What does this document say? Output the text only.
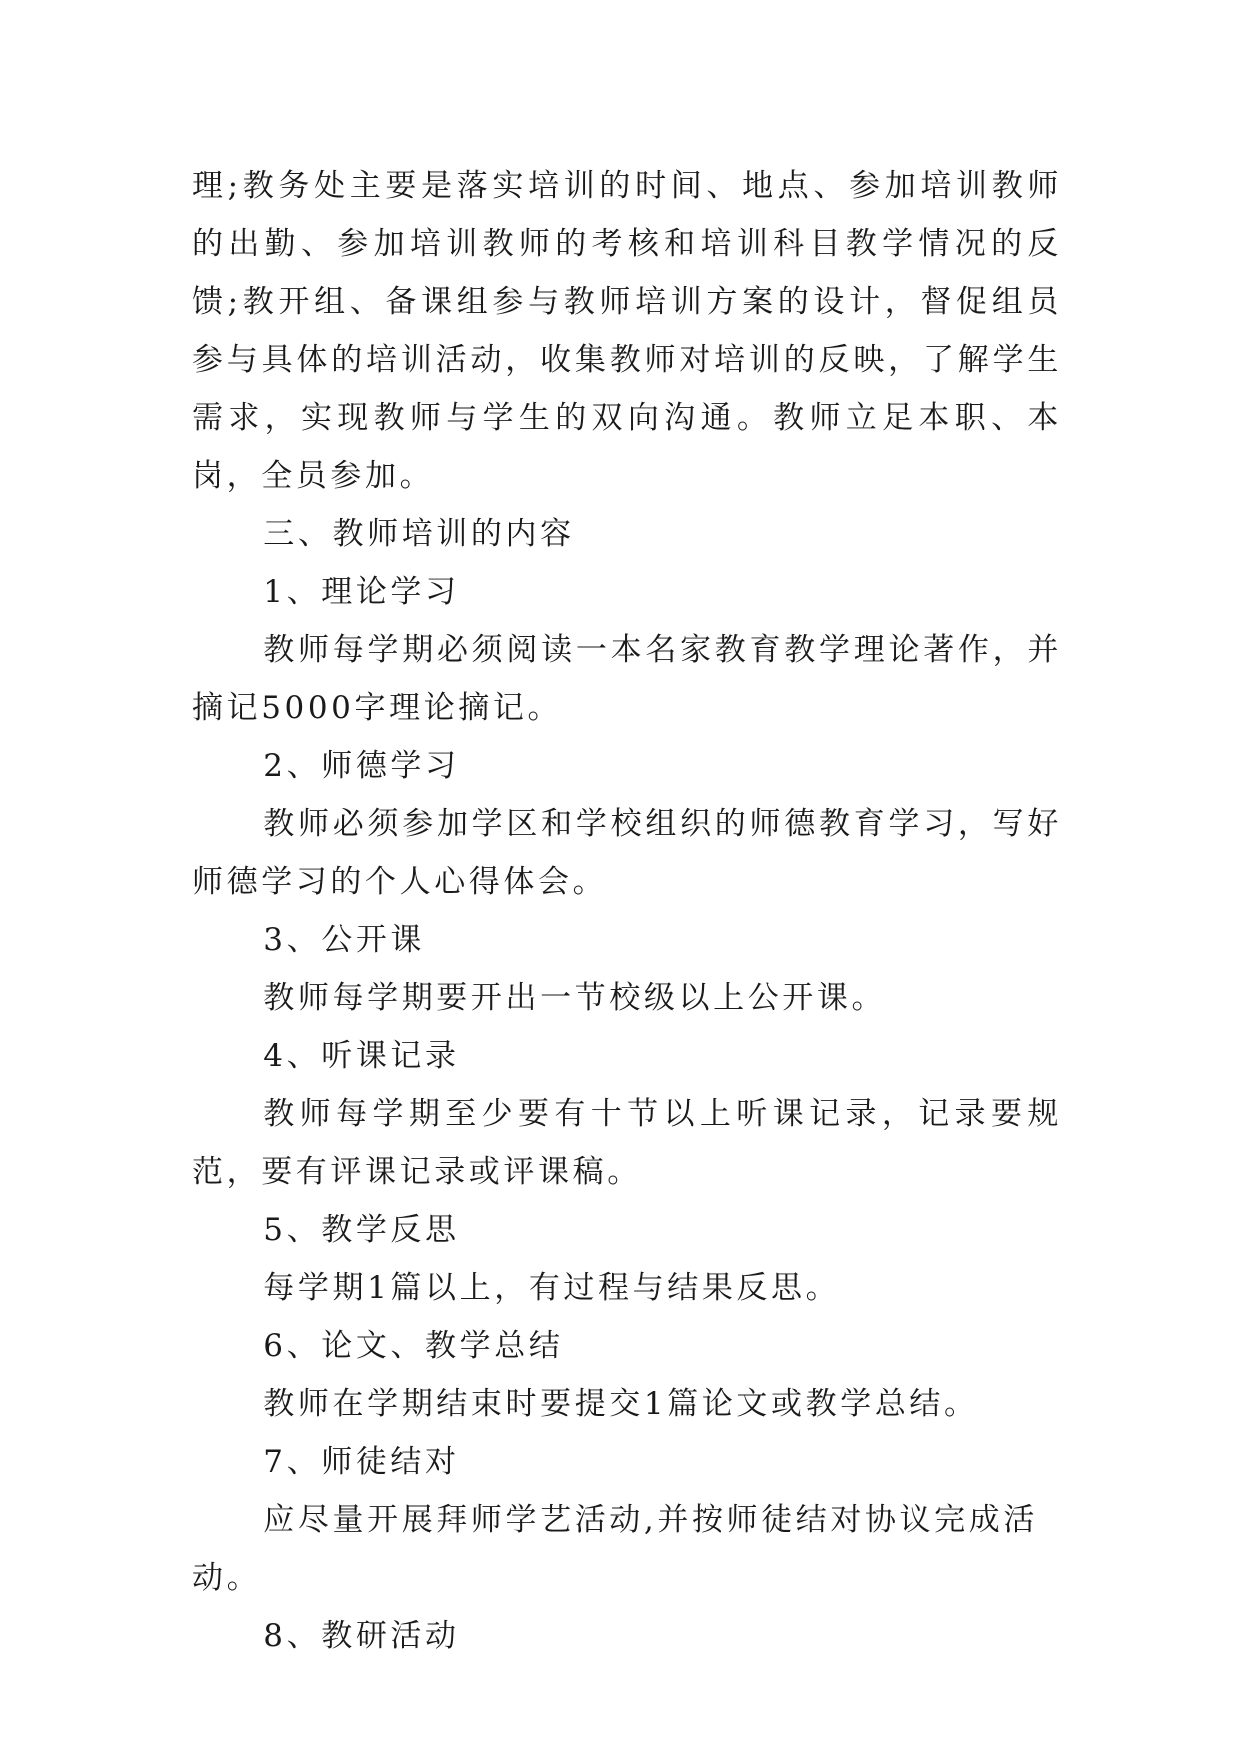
理;教务处主要是落实培训的时间、地点、参加培训教师的出勤、参加培训教师的考核和培训科目教学情况的反馈;教开组、备课组参与教师培训方案的设计，督促组员参与具体的培训活动，收集教师对培训的反映，了解学生需求，实现教师与学生的双向沟通。教师立足本职、本岗，全员参加。

三、教师培训的内容

1、理论学习

教师每学期必须阅读一本名家教育教学理论著作，并摘记5000字理论摘记。

2、师德学习

教师必须参加学区和学校组织的师德教育学习，写好师德学习的个人心得体会。

3、公开课

教师每学期要开出一节校级以上公开课。

4、听课记录

教师每学期至少要有十节以上听课记录，记录要规范，要有评课记录或评课稿。

5、教学反思

每学期1篇以上，有过程与结果反思。

6、论文、教学总结

教师在学期结束时要提交1篇论文或教学总结。

7、师徒结对

应尽量开展拜师学艺活动,并按师徒结对协议完成活动。

8、教研活动
